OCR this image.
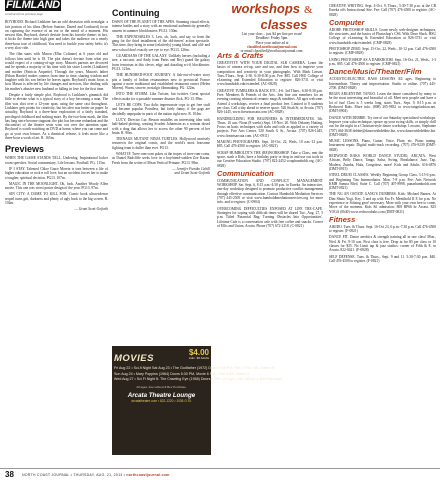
FILMLAND
continued from previous page

BOYHOOD. Richard Linklater has an odd obsession with nostalgia: a fair portion of his films (Before Sunrise, Dazed and Confused) focus on capturing the essence of an era or the mood of a moment. His newest film, Boyhood, doesn't deviate from his favorite theme; in fact, it kicks the theme into high gear and takes the audience on a nearly three-hour tour of childhood. You need to buckle your safety belts; it's a very slow ride.

The film starts with Mason (Ellar Coltrane) at 6 years old and follows him until he is 18. The plot doesn't deviate from what you would expect of a coming-of-age story. Mason's parents are divorced and he spends a majority of his time with his sister Lorelei (Linklater) and mother (Patricia Arquette). Through the years, Mason's father (Ethan Hawke) makes cameos from time to time, sharing wisdom and laughter with his son before he leaves again. Boyhood's main focus is how Mason is affected by life changes and stressors, like dealing with his mother's abusive new husband or falling in love for the first time.

Despite a fairly simple plot, Boyhood is Linklater's gimmick did little to elevate what is a typical story of a boy becoming a man. The film was shot over a 12-year span, using the same cast throughout. Linklater gets points for creativity, but his idea was better on paper. In actuality, Boyhood is a three-hour exploration of a fairly standard, privileged childhood and nothing more. By the two-hour mark, the film has long since become stagnant: the plot has become redundant and the discomfort of the theater seats wins out over the attention span. Boyhood is worth watching on DVD at home, where you can come and go at your own leisure. As a theatrical release, it feels more like a three-hour a work of art. R. 165m.

Previews

WHEN THE GAME STANDS TALL. Underdog. Inspirational locker room speeches. Social commentary. Life lessons. Football. PG. 115m.

IF I STAY. Talented Chloe Grace Moretz is torn between a life of higher education or rock n roll love, but an accident forces her to make a tougher, spiritual decision. PG13. 107m.

MAGIC IN THE MOONLIGHT. Oh, look. Another Woody Allen movie. This one was worst poster design of the year. PG13. 97m.

SIN CITY: A DAME TO KILL FOR. Comic book ultraviolence sequel turns grit, darkness and plenty of ugly back to the big screen. R. 102m.

— Grant Scott-Goforth
Continuing

DAWN OF THE PLANET OF THE APES. Stunning visual effects, intense battles and a story with an emotional authenticity generally unseen in summer blockbusters. PG13. 130m.

THE EXPENDABLES 3. Lets, ok, look, and say so from the gang for the third installment of the old-timers' action spectacle. This time, they bring in some (relatively) young blood, and old- and new-school don't exactly see eye to eye. PG13. 126m.

GUARDIANS OF THE GALAXY. Unlikely heroes (including a tree, a raccoon, and Andy from Parks and Rec) guard the galaxy from terrorism in this clever, edgy and dazzling sci-fi blockbuster. PG13. 121m.

THE HUNDRED-FOOT JOURNEY. A fish-out-of-water story pits a family of Indian restaurateurs new to provincial France against a more traditional and established restaurant owner (Helen Mirren). Warm, sincere, nostalgic filmmaking. PG. 122m.

INTO THE STORM. Like Twister, but twistier. Great special effects make for a passable summer disaster flick. PG-13. 89m.

LET'S BE COPS. Two dolts impersonate cops to get free stuff and become popular. Pointless, but fairly funny, if the gags are decidedly unpopular in parts of the nation right now. R. 104m.

LUCY. Director Luc Besson muddles an interesting idea with half-baked plotting, wasting Scarlett Johansson as a woman dosed with a drug that allows her to access the other 90 percent of her brain. R. 90m.

TEENAGE MUTANT NINJA TURTLES. Hollywood unwisely resurrects the original comic, and the world's most fearsome fighting team is duller than ever. PG13.

WHAT IF. Twee rom-com pokes at the tropes of twee rom-coms, as Daniel Radcliffe seeks love in a boyfriend-sodden Zoe Kazan. Fresh from the writer of Mean Vertical Primate. PG13. 98m.

— Jennifer Fumiko Cahill
and Grant Scott-Goforth
MOVIES
$4.00
Adm. $5 Adults
Fri Aug 22 • Sci-fi Night Sat Aug 23 • The Godfather (1972) Doors 6:15 PM, Film 7 PM • $5 • Rated R
Sun Aug 24 • Mary Poppins (1964) Doors 5:30 PM, Movie 6 PM • Film is $5, Rated G
Wed Aug 27 • Sci Fi Night ft. The Crawling Eye (1958) Doors 6 PM • All ages, free w/food & Bev Purchase
All ages, free w/food & Bev Purchase.
Arcata Theatre Lounge
arcatatheatre.com • 822-1220 • 1036 G St.
workshops &
classes
List your class – just $4 per line per issue!
Deadline: Friday 5pm.
Place your online ad at
classified.northcoastjournal.com
or email classified@northcoastjournal.com.
Arts & Crafts

CREATIVITY WITH YOUR DIGITAL SLR CAMERA. Learn the basics of camera set-up, care and use, and then how to improve your composition and creativity in your photographs. With Mark Larson. Tues./Thurs., Sept. 2-30, 6:30-8:30 p.m. Fee: $85. Call HSU College of eLearning and Extended Education to register: 826-3731 or visit www.humboldt.edu/extended. (AC-0828)

CREATIVE TUMBLERS & BACK ETC. 4-6. 3rd Thurs., 6:30-8:30 p.m. Free. Members & Friends of the Arts. Join fine arts members for an evening creating whimsical ceramic mugs & tumblers. All ages welcome. Attend 4 workshops, receive a final product free. Limited to 8 students per class. Call a day ahead to reserve space. 520 Sixth St. in Arcata. (707) 826-1445, www.fireartsarcata.com (AC-0828)

HANDBUILDING FOR BEGINNERS & INTERMEDIATES. 5th. Thurs. 10 a.m.-Noon (8 weeks) Sept. 18-Nov. 20. With Delaney Hutting. Focus on basic techniques with slabs and coils as applied to a variety of projects. Fire Arts Center, 520 South G St., Arcata. (707) 826-1445, www.fireartsarcata.com. (AC-0911)

MAKING PHOTOGRAPHS. Sept. 10-Oct. 22, Weds, 10 a.m.-12 p.m. $85. Call 476-4500 to register. (AC-0821)

SCRAP HUMBOLDT'S THE (RE)WORKSHOP. Take a Class, rent the space, stash a Kids, have a birthday party or drop in and use our tools in our Creative Education Studio. (707) 822-2452 scraphumboldt.org. (AC-0828)

Communication

COMMUNICATION AND CONFLICT MANAGEMENT WORKSHOP. Sat. Sept. 6, 8:15 a.m.-4:30 p.m. in Eureka. An interactive, one-day workshop designed to promote productive conflict management through effective communication. Contact Humboldt Mediation Services (707) 445-2505 or visit www.humboldtmediationservices.org for more info. and to register. (C-0904)

OVERCOMING DIFFICULTIES EXPOSED AT LIFE TRE-CAFE. Strategies for coping with difficult times will be shared Tue., Aug. 27, 5 p.m. Titled 'Financial Bag: Turning Obstacles Into Opportunities'. Lifetime Cafe is a conversation cafe with free coffee and snacks. Corner of Ellis and Union, Arcata. Phone (707) 672-2118. (C-0821)

CREATIVE WRITING. Sept. 4-Oct. 9, Thurs., 5:30-7:30 p.m. at the CR Eureka offs Instructional Site. Fee: Call (707) 476-4500 to register. (AC-0828)

Computer

ADOBE PHOTOSHOP SKILLS. Learn newly web-designer techniques, file structures, and the basics of Photoshop's CS6. With Dave Slack. HSU College of eLearning & Extended Education at 826-3731 or visit www.humboldt.edu/extended. (CMP-0828)

PHOTOSHOP ZERO. Sept. 15-Oct. 22, Weds., 10-12 p.m. Call 476-4500 to register. (CMP-0828)

USING PHOTOSHOP AS A DARKROOM. Sept. 16-Oct. 21, Weds., 1-3 p.m., $85. Call 476-4500 to register. (CMP-0821)

Dance/Music/Theater/Film

ACOUSTIC/ELECTRIC BASS LESSONS All ages. Beginning to Intermediate. Theory and improvisation. Studio or online. (707) 445-2700. (DMT-0828)

BEGIN ARGENTINE TANGO. Learn the dance considered by many to be the most interesting and beautiful of all. Meet new people and have a lot of fun! Class is 5 weeks long, starts Tues., Sept. 9, 8:15 p.m. at Redwood Raks. More info. (808) 205-9832 or www.tangofashion.net. (DMT-0904)

DANCE WITH DEBBIE. Try one of our Saturday specialized workshops. Improve your salsa technique, spruce up your swing skills, or simply chill out for the night in a Christian-style dance workshop. Lessons, Stephanie (707) 464-3638 debbie@dancewithdebbie.biz, www.dancewithdebbie.biz. (DMT-0828)

MUSIC LESSONS. Piano, Guitar, Voice, Flute, etc. Piano tuning. Instrument repair. Digital multi-track recording. (707) 476-9239 (DMT-0828)

REDWOOD RAKS WORLD DANCE STUDIO, ARCATA. West African, Belly Dance, Tango, Salsa, Swing, Breakdance, Jazz, Tap, Modern, Zumba, Hula, Congolese, more! Kids and Adults. 616-4876 (DMT-0915)

STEEL DRUM CLASSES. Weekly Beginning Group Class, 5:15-6 p.m. and Beginning Tim Intermediates. Mon. 7-8 p.m. Fee: Arts Network KMH Samoa Blvd. Suite C. Call (707) 407-8998, panarhumboldt.com (DMT-0821)

THE NG AN OSTATE GANG'S DUBBERS. Kids: Michael Barnes, At Dim Shuto Yogi, Key, 5 and up with Era Fr. Mentthold II 8 for p.m. No experience or Stiizing gear! necessary. More with your own free to come, Move of the moment. Kids Sil admission: 808 BP66 hr Arcata. 825 YOGA (0640) www.redwoodraks.com (DMT-0821)

Fitness

AIKIDO. Tues. & Thurs. Sept. 16-Oct 23, 6 p.m.-7:30 p.m. Call 476-4500 to register. (F-0821)

DANCE FIT. Dance aerobics & strength training all in one class! Mon., Wed. & Fri. 9-10 a.m. First class is free. Drop in for $5 per class or 10 classes for $35. No Limit tap & jazz studios: corner of Fifth & E. in Arcata. 822-0421. (F-0828)

SELF DEFENSE. Tues. & Thurs., Sept. 9 and 11. 5:30-7:30 p.m. $40. Call 476-4500 to register. (F-0821)

38 NORTH COAST JOURNAL • THURSDAY, AUG. 21, 2014 • northcoastjournal.com
